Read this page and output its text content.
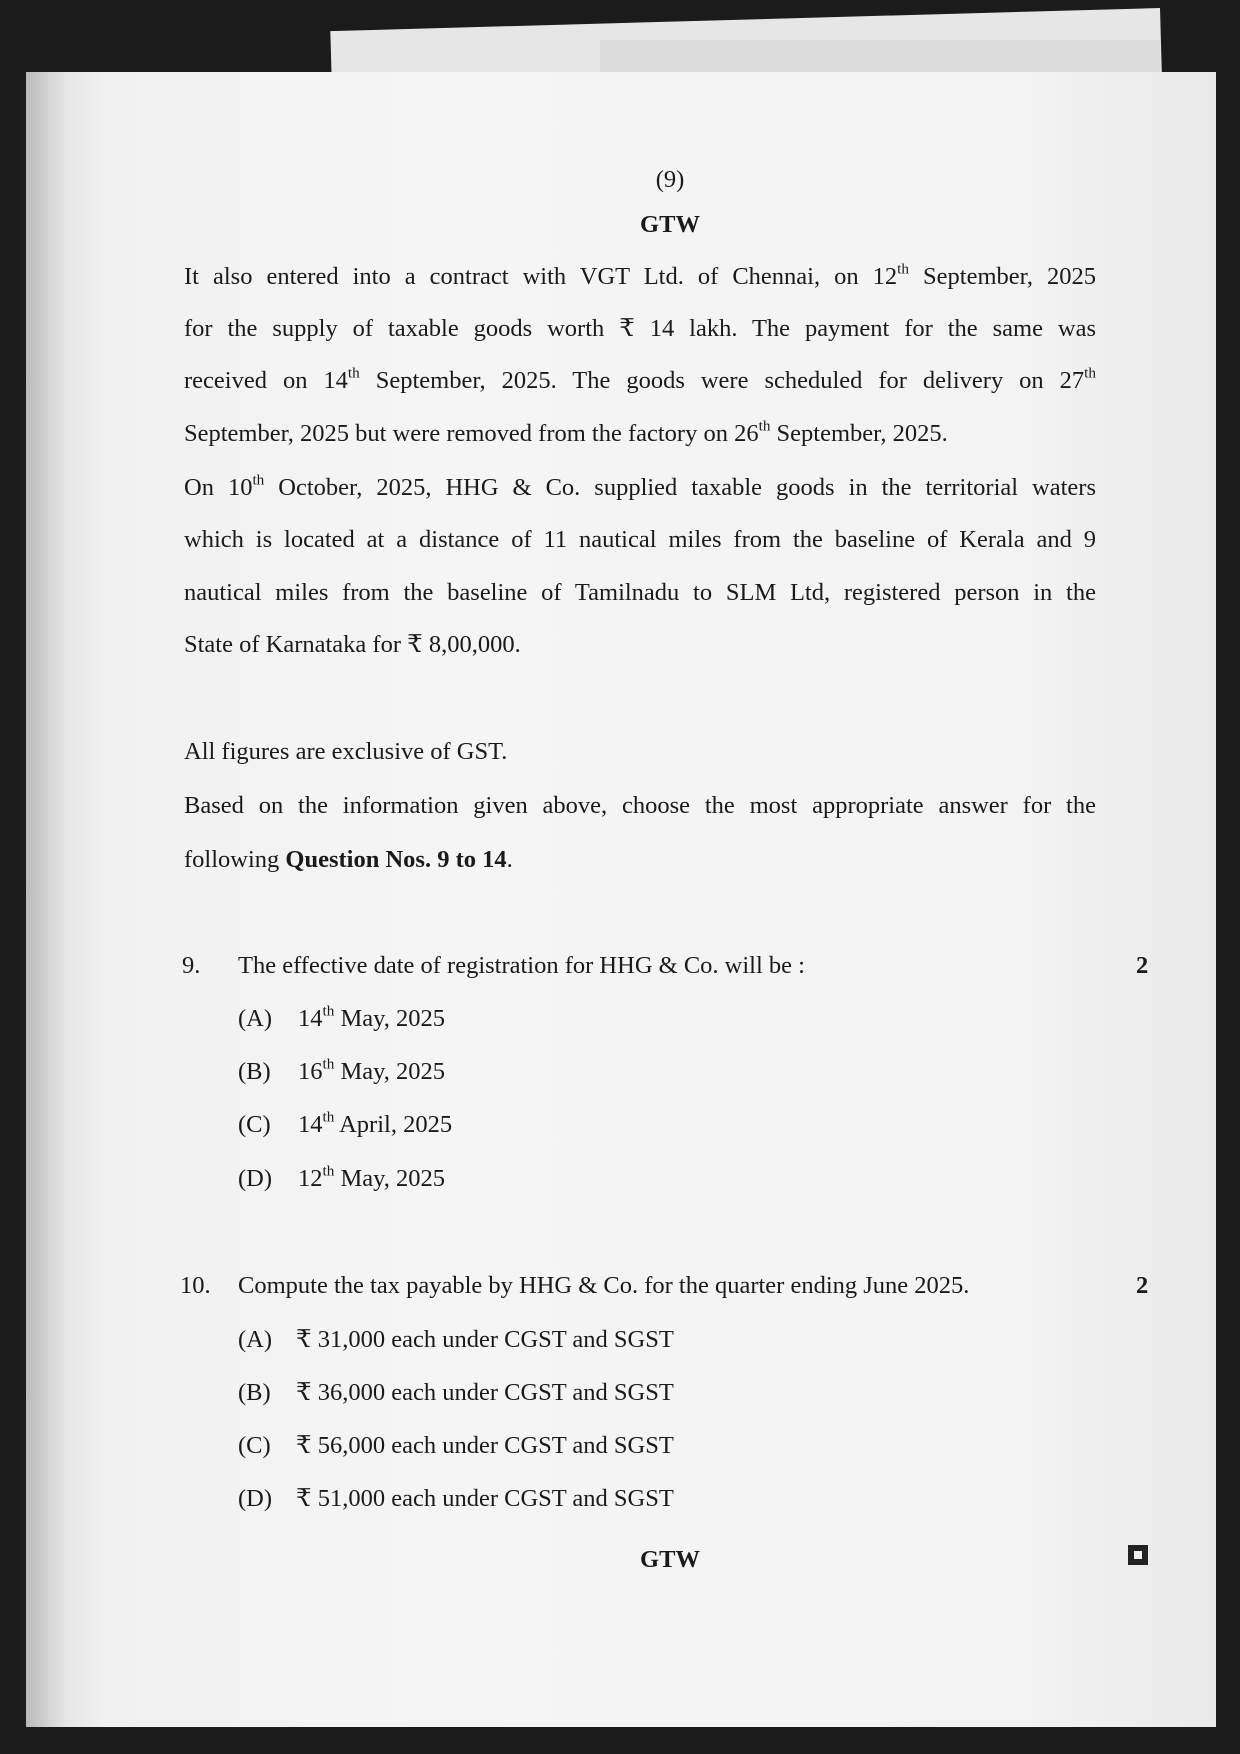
(9)
GTW
It also entered into a contract with VGT Ltd. of Chennai, on 12th September, 2025
for the supply of taxable goods worth ₹ 14 lakh. The payment for the same was
received on 14th September, 2025. The goods were scheduled for delivery on 27th
September, 2025 but were removed from the factory on 26th September, 2025.
On 10th October, 2025, HHG & Co. supplied taxable goods in the territorial waters
which is located at a distance of 11 nautical miles from the baseline of Kerala and 9
nautical miles from the baseline of Tamilnadu to SLM Ltd, registered person in the
State of Karnataka for ₹ 8,00,000.
All figures are exclusive of GST.
Based on the information given above, choose the most appropriate answer for the
following Question Nos. 9 to 14.
9. The effective date of registration for HHG & Co. will be :	2
(A) 14th May, 2025
(B) 16th May, 2025
(C) 14th April, 2025
(D) 12th May, 2025
10. Compute the tax payable by HHG & Co. for the quarter ending June 2025.	2
(A) ₹ 31,000 each under CGST and SGST
(B) ₹ 36,000 each under CGST and SGST
(C) ₹ 56,000 each under CGST and SGST
(D) ₹ 51,000 each under CGST and SGST
GTW
